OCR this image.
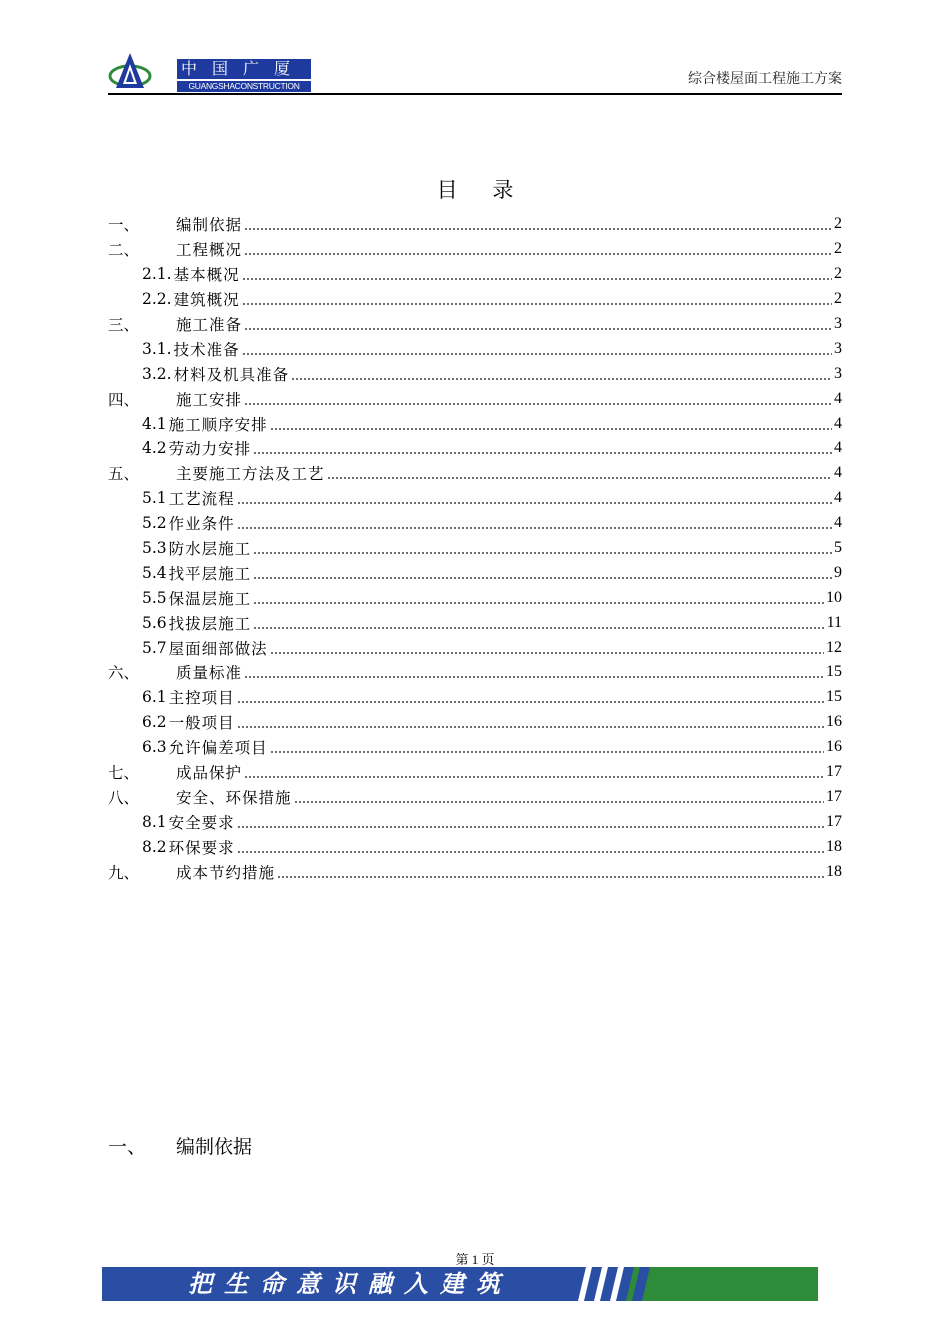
中国广厦
GUANGSHACONSTRUCTION	综合楼屋面工程施工方案
目 录
一、	编制依据	2
二、	工程概况	2
2.1. 基本概况	2
2.2. 建筑概况	2
三、	施工准备	3
3.1. 技术准备	3
3.2. 材料及机具准备	3
四、	施工安排	4
4.1 施工顺序安排	4
4.2 劳动力安排	4
五、	主要施工方法及工艺	4
5.1 工艺流程	4
5.2 作业条件	4
5.3 防水层施工	5
5.4 找平层施工	9
5.5 保温层施工	10
5.6 找拔层施工	11
5.7 屋面细部做法	12
六、	质量标准	15
6.1 主控项目	15
6.2 一般项目	16
6.3 允许偏差项目	16
七、	成品保护	17
八、	安全、环保措施	17
8.1 安全要求	17
8.2 环保要求	18
九、	成本节约措施	18
一、 编制依据
第 1 页
把生命意识融入建筑
